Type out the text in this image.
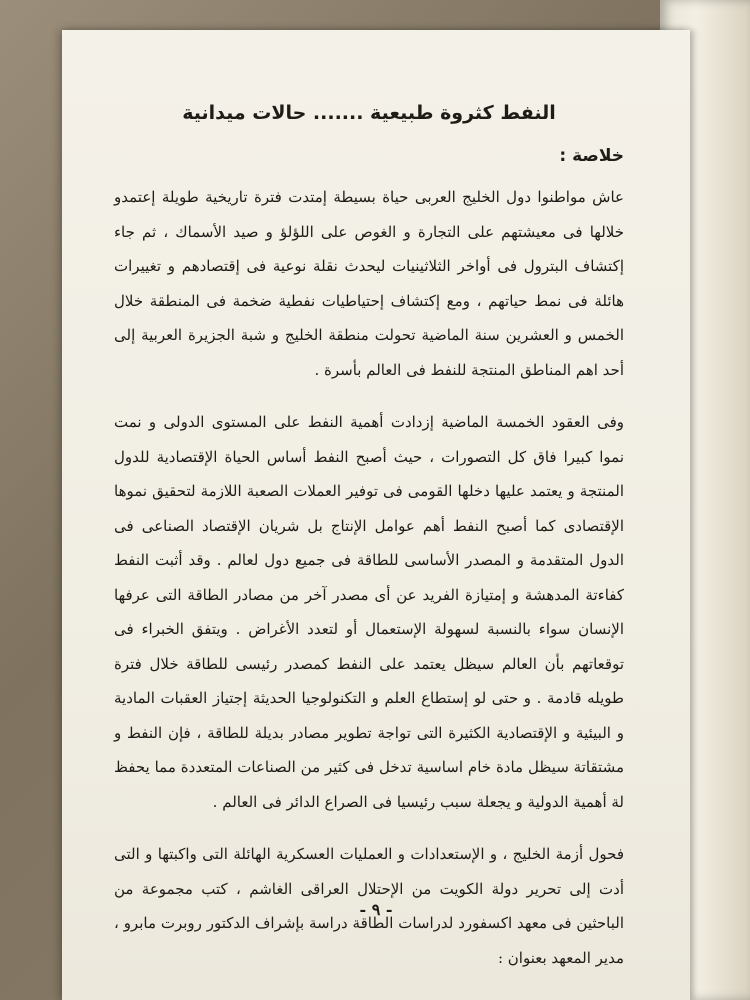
النفط كثروة طبيعية ....... حالات ميدانية
خلاصة :

عاش مواطنوا دول الخليج العربى حياة بسيطة إمتدت فترة تاريخية طويلة إعتمدو خلالها فى معيشتهم على التجارة و الغوص على اللؤلؤ و صيد الأسماك ، ثم جاء إكتشاف البترول فى أواخر الثلاثينيات ليحدث نقلة نوعية فى إقتصادهم و تغييرات هائلة فى نمط حياتهم ، ومع إكتشاف إحتياطيات نفطية ضخمة فى المنطقة خلال الخمس و العشرين سنة الماضية تحولت منطقة الخليج و شبة الجزيرة العربية إلى أحد اهم المناطق المنتجة للنفط فى العالم بأسرة .

وفى العقود الخمسة الماضية إزدادت أهمية النفط على المستوى الدولى و نمت نموا كبيرا فاق كل التصورات ، حيث أصبح النفط أساس الحياة الإقتصادية للدول المنتجة و يعتمد عليها دخلها القومى فى توفير العملات الصعبة اللازمة لتحقيق نموها الإقتصادى كما أصبح النفط أهم عوامل الإنتاج بل شريان الإقتصاد الصناعى فى الدول المتقدمة و المصدر الأساسى للطاقة فى جميع دول لعالم . وقد أثبت النفط كفاءتة المدهشة و إمتيازة الفريد عن أى مصدر آخر من مصادر الطاقة التى عرفها الإنسان سواء بالنسبة لسهولة الإستعمال أو لتعدد الأغراض . ويتفق الخبراء فى توقعاتهم بأن العالم سيظل يعتمد على النفط كمصدر رئيسى للطاقة خلال فترة طويله قادمة . و حتى لو إستطاع العلم و التكنولوجيا الحديثة إجتياز العقبات المادية و البيئية و الإقتصادية الكثيرة التى تواجة تطوير مصادر بديلة للطاقة ، فإن النفط و مشتقاتة سيظل مادة خام اساسية تدخل فى كثير من الصناعات المتعددة مما يحفظ لة أهمية الدولية و يجعلة سبب رئيسيا فى الصراع الدائر فى العالم .

فحول أزمة الخليج ، و الإستعدادات و العمليات العسكرية الهائلة التى واكبتها و التى أدت إلى تحرير دولة الكويت من الإحتلال العراقى الغاشم ، كتب مجموعة من الباحثين فى معهد اكسفورد لدراسات الطاقة دراسة بإشراف الدكتور روبرت مابرو ، مدير المعهد بعنوان :

- ٩ -
